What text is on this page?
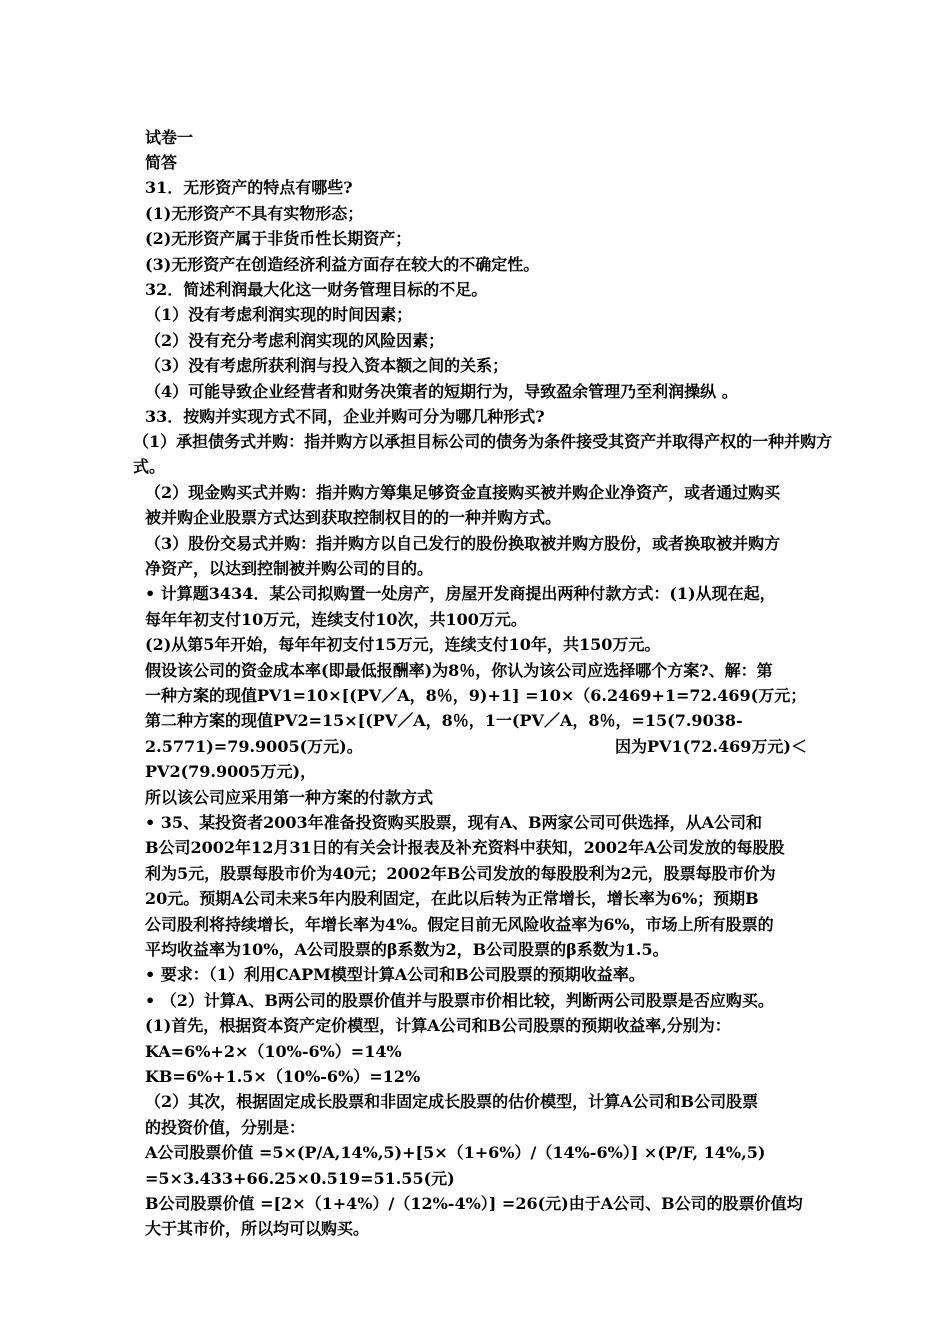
试卷一
简答
31．无形资产的特点有哪些?
(1)无形资产不具有实物形态；
(2)无形资产属于非货币性长期资产；
(3)无形资产在创造经济利益方面存在较大的不确定性。
32．简述利润最大化这一财务管理目标的不足。
（1）没有考虑利润实现的时间因素；
（2）没有充分考虑利润实现的风险因素；
（3）没有考虑所获利润与投入资本额之间的关系；
（4）可能导致企业经营者和财务决策者的短期行为，导致盈余管理乃至利润操纵 。
33．按购并实现方式不同，企业并购可分为哪几种形式?
（1）承担债务式并购：指并购方以承担目标公司的债务为条件接受其资产并取得产权的一种并购方
式。
（2）现金购买式并购：指并购方筹集足够资金直接购买被并购企业净资产，或者通过购买
被并购企业股票方式达到获取控制权目的的一种并购方式。
（3）股份交易式并购：指并购方以自己发行的股份换取被并购方股份，或者换取被并购方
净资产，以达到控制被并购公司的目的。
• 计算题3434．某公司拟购置一处房产，房屋开发商提出两种付款方式：(1)从现在起，
每年年初支付10万元，连续支付10次，共100万元。
(2)从第5年开始，每年年初支付15万元，连续支付10年，共150万元。
假设该公司的资金成本率(即最低报酬率)为8％，你认为该公司应选择哪个方案?、解：第
一种方案的现值PV1=10×[(PV／A，8％，9)+1] =10×（6.2469+1=72.469(万元；
第二种方案的现值PV2=15×[(PV／A，8％，1一(PV／A，8％，=15(7.9038-
2.5771)=79.9005(万元)。	因为PV1(72.469万元)＜
PV2(79.9005万元)，
所以该公司应采用第一种方案的付款方式
• 35、某投资者2003年准备投资购买股票，现有A、B两家公司可供选择，从A公司和
B公司2002年12月31日的有关会计报表及补充资料中获知，2002年A公司发放的每股股
利为5元，股票每股市价为40元；2002年B公司发放的每股股利为2元，股票每股市价为
20元。预期A公司未来5年内股利固定，在此以后转为正常增长，增长率为6%；预期B
公司股利将持续增长，年增长率为4%。假定目前无风险收益率为6%，市场上所有股票的
平均收益率为10%，A公司股票的β系数为2，B公司股票的β系数为1.5。
• 要求：（1）利用CAPM模型计算A公司和B公司股票的预期收益率。
• （2）计算A、B两公司的股票价值并与股票市价相比较，判断两公司股票是否应购买。
(1)首先，根据资本资产定价模型，计算A公司和B公司股票的预期收益率,分别为：
KA=6%+2×（10%-6%）=14%
KB=6%+1.5×（10%-6%）=12%
（2）其次，根据固定成长股票和非固定成长股票的估价模型，计算A公司和B公司股票
的投资价值，分别是：
A公司股票价值 =5×(P/A,14%,5)+[5×（1+6%）/（14%-6%）] ×(P/F, 14%,5)
=5×3.433+66.25×0.519=51.55(元)
B公司股票价值 =[2×（1+4%）/（12%-4%）] =26(元)由于A公司、B公司的股票价值均
大于其市价，所以均可以购买。
